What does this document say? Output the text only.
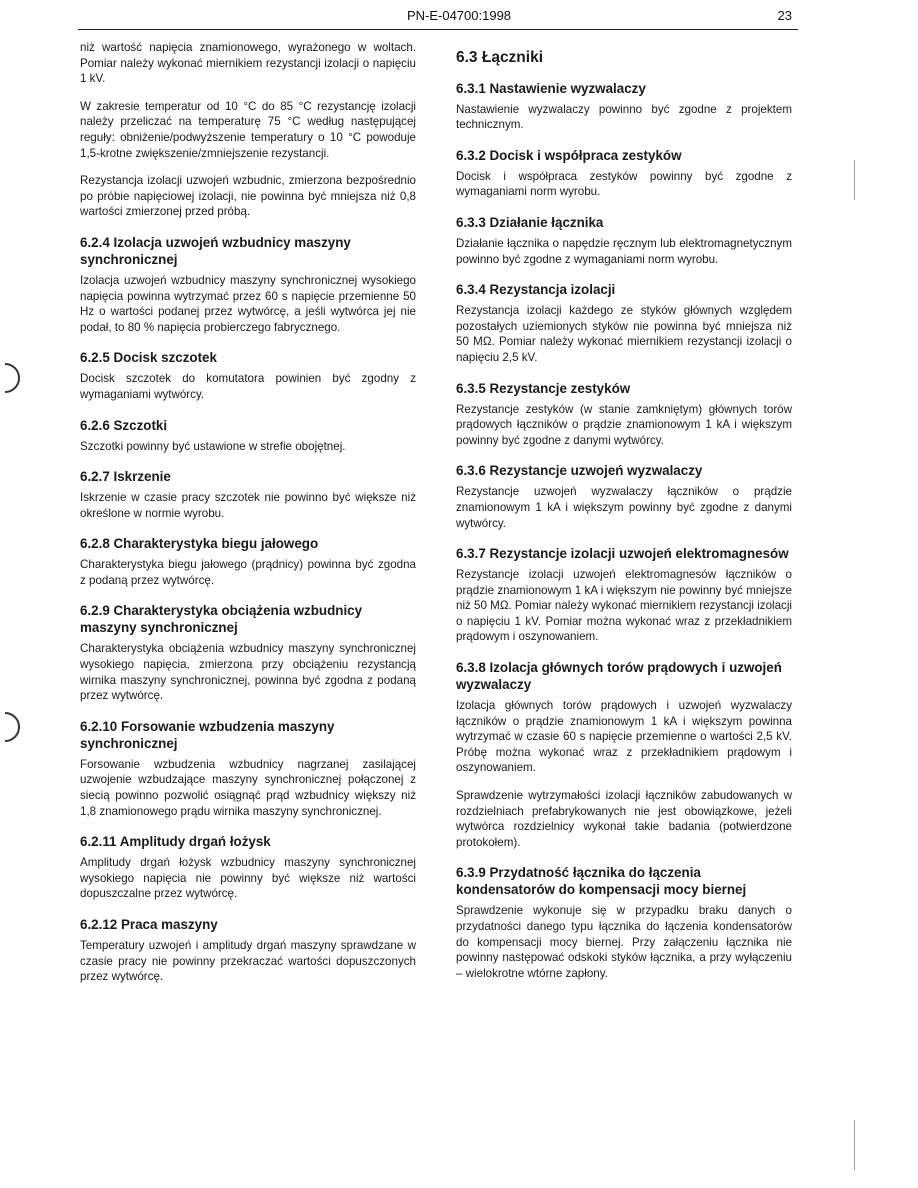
PN-E-04700:1998	23

niż wartość napięcia znamionowego, wyrażonego w woltach. Pomiar należy wykonać miernikiem rezystancji izolacji o napięciu 1 kV.

W zakresie temperatur od 10 °C do 85 °C rezystancję izolacji należy przeliczać na temperaturę 75 °C według następującej reguły: obniżenie/podwyższenie temperatury o 10 °C powoduje 1,5-krotne zwiększenie/zmniejszenie rezystancji.

Rezystancja izolacji uzwojeń wzbudnic, zmierzona bezpośrednio po próbie napięciowej izolacji, nie powinna być mniejsza niż 0,8 wartości zmierzonej przed próbą.

6.2.4 Izolacja uzwojeń wzbudnicy maszyny synchronicznej

Izolacja uzwojeń wzbudnicy maszyny synchronicznej wysokiego napięcia powinna wytrzymać przez 60 s napięcie przemienne 50 Hz o wartości podanej przez wytwórcę, a jeśli wytwórca jej nie podał, to 80 % napięcia probierczego fabrycznego.

6.2.5 Docisk szczotek

Docisk szczotek do komutatora powinien być zgodny z wymaganiami wytwórcy.

6.2.6 Szczotki

Szczotki powinny być ustawione w strefie obojętnej.

6.2.7 Iskrzenie

Iskrzenie w czasie pracy szczotek nie powinno być większe niż określone w normie wyrobu.

6.2.8 Charakterystyka biegu jałowego

Charakterystyka biegu jałowego (prądnicy) powinna być zgodna z podaną przez wytwórcę.

6.2.9 Charakterystyka obciążenia wzbudnicy maszyny synchronicznej

Charakterystyka obciążenia wzbudnicy maszyny synchronicznej wysokiego napięcia, zmierzona przy obciążeniu rezystancją wirnika maszyny synchronicznej, powinna być zgodna z podaną przez wytwórcę.

6.2.10 Forsowanie wzbudzenia maszyny synchronicznej

Forsowanie wzbudzenia wzbudnicy nagrzanej zasilającej uzwojenie wzbudzające maszyny synchronicznej połączonej z siecią powinno pozwolić osiągnąć prąd wzbudnicy większy niż 1,8 znamionowego prądu wirnika maszyny synchronicznej.

6.2.11 Amplitudy drgań łożysk

Amplitudy drgań łożysk wzbudnicy maszyny synchronicznej wysokiego napięcia nie powinny być większe niż wartości dopuszczalne przez wytwórcę.

6.2.12 Praca maszyny

Temperatury uzwojeń i amplitudy drgań maszyny sprawdzane w czasie pracy nie powinny przekraczać wartości dopuszczonych przez wytwórcę.

6.3 Łączniki
6.3.1 Nastawienie wyzwalaczy

Nastawienie wyzwalaczy powinno być zgodne z projektem technicznym.

6.3.2 Docisk i współpraca zestyków

Docisk i współpraca zestyków powinny być zgodne z wymaganiami norm wyrobu.

6.3.3 Działanie łącznika

Działanie łącznika o napędzie ręcznym lub elektromagnetycznym powinno być zgodne z wymaganiami norm wyrobu.

6.3.4 Rezystancja izolacji

Rezystancja izolacji każdego ze styków głównych względem pozostałych uziemionych styków nie powinna być mniejsza niż 50 MΩ. Pomiar należy wykonać miernikiem rezystancji izolacji o napięciu 2,5 kV.

6.3.5 Rezystancje zestyków

Rezystancje zestyków (w stanie zamkniętym) głównych torów prądowych łączników o prądzie znamionowym 1 kA i większym powinny być zgodne z danymi wytwórcy.

6.3.6 Rezystancje uzwojeń wyzwalaczy

Rezystancje uzwojeń wyzwalaczy łączników o prądzie znamionowym 1 kA i większym powinny być zgodne z danymi wytwórcy.

6.3.7 Rezystancje izolacji uzwojeń elektromagnesów

Rezystancje izolacji uzwojeń elektromagnesów łączników o prądzie znamionowym 1 kA i większym nie powinny być mniejsze niż 50 MΩ. Pomiar należy wykonać miernikiem rezystancji izolacji o napięciu 1 kV. Pomiar można wykonać wraz z przekładnikiem prądowym i oszynowaniem.

6.3.8 Izolacja głównych torów prądowych i uzwojeń wyzwalaczy

Izolacja głównych torów prądowych i uzwojeń wyzwalaczy łączników o prądzie znamionowym 1 kA i większym powinna wytrzymać w czasie 60 s napięcie przemienne o wartości 2,5 kV. Próbę można wykonać wraz z przekładnikiem prądowym i oszynowaniem.

Sprawdzenie wytrzymałości izolacji łączników zabudowanych w rozdzielniach prefabrykowanych nie jest obowiązkowe, jeżeli wytwórca rozdzielnicy wykonał takie badania (potwierdzone protokołem).

6.3.9 Przydatność łącznika do łączenia kondensatorów do kompensacji mocy biernej

Sprawdzenie wykonuje się w przypadku braku danych o przydatności danego typu łącznika do łączenia kondensatorów do kompensacji mocy biernej. Przy załączeniu łącznika nie powinny następować odskoki styków łącznika, a przy wyłączeniu – wielokrotne wtórne zapłony.
